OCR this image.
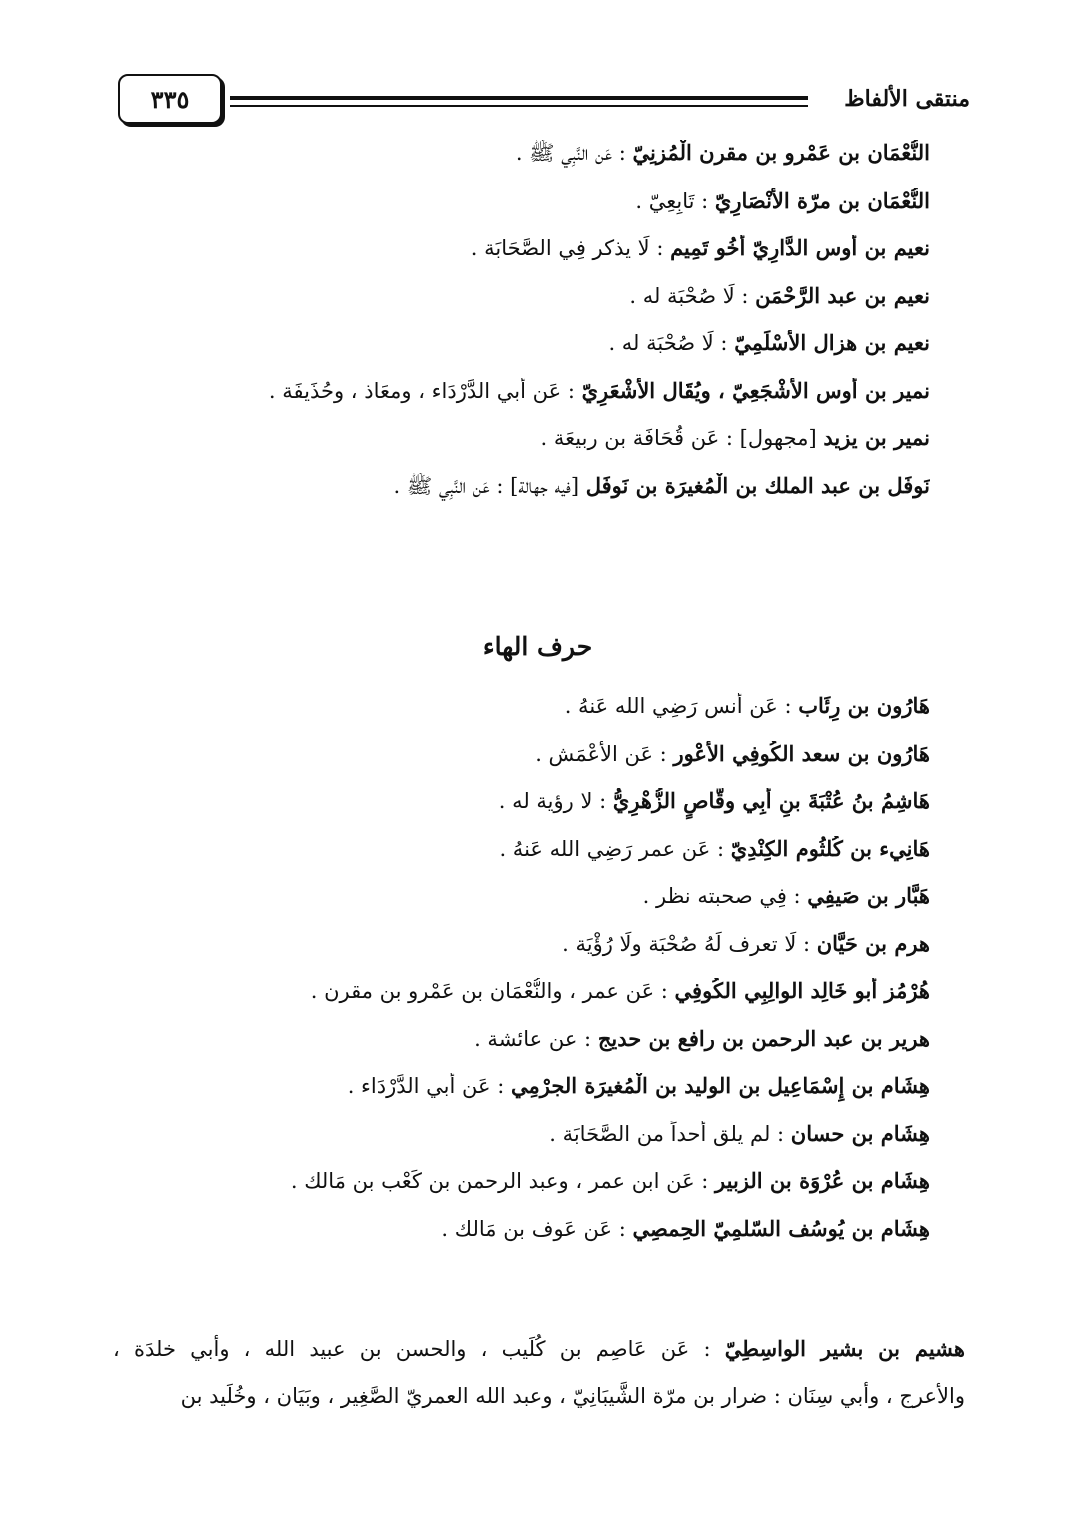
منتقى الألفاظ
٣٣٥
النُّعْمَان بن عَمْرو بن مقرن الْمُزنِيّ : عَن النَّبِي ﷺ .
النُّعْمَان بن مرّة الأَنْصَارِيّ : تَابِعِيّ .
نعيم بن أوس الدَّارِيّ أَخُو تَمِيم : لَا يذكر فِي الصَّحَابَة .
نعيم بن عبد الرَّحْمَن : لَا صُحْبَة له .
نعيم بن هزال الأَسْلَمِيّ : لَا صُحْبَة له .
نمير بن أوس الأَشْجَعِيّ ، ويُقَال الأَشْعَرِيّ : عَن أبي الدَّرْدَاء ، ومعَاذ ، وحُذَيفَة .
نمير بن يزيد [مجهول] : عَن قُحَافَة بن ربيعَة .
نَوفَل بن عبد الملك بن الْمُغيرَة بن نَوفَل [فيه جهالة] : عَن النَّبِي ﷺ .
حرف الهاء
هَارُون بن رِئَاب : عَن أنس رَضِي الله عَنهُ .
هَارُون بن سعد الكُوفِي الأعْور : عَن الأعْمَش .
هَاشِمُ بنُ عُتْبَةَ بنِ أَبِي وقَّاصٍ الزُّهْرِيُّ : لا رؤية له .
هَانِيء بن كُلثُوم الكِنْدِيّ : عَن عمر رَضِي الله عَنهُ .
هَبَّار بن صَيفِي : فِي صحبته نظر .
هرم بن حَيَّان : لَا تعرف لَهُ صُحْبَة ولَا رُؤْيَة .
هُرْمُز أبو خَالِد الوالِبِي الكُوفِي : عَن عمر ، والنُّعْمَان بن عَمْرو بن مقرن .
هرير بن عبد الرحمن بن رافع بن حديج : عن عائشة .
هِشَام بن إِسْمَاعِيل بن الوليد بن الْمُغيرَة الجرْمِي : عَن أبي الدَّرْدَاء .
هِشَام بن حسان : لم يلق أحداً من الصَّحَابَة .
هِشَام بن عُرْوَة بن الزبير : عَن ابن عمر ، وعبد الرحمن بن كَعْب بن مَالك .
هِشَام بن يُوسُف السّلمِيّ الحِمصِي : عَن عَوف بن مَالك .

هشيم بن بشير الواسِطِيّ : عَن عَاصِم بن كُلَيب ، والحسن بن عبيد الله ، وأبي خلدَة ،
والأعرج ، وأبي سِنَان : ضرار بن مرّة الشَّيبَانِيّ ، وعبد الله العمريّ الصَّغِير ، وبَيَان ، وخُلَيد بن
